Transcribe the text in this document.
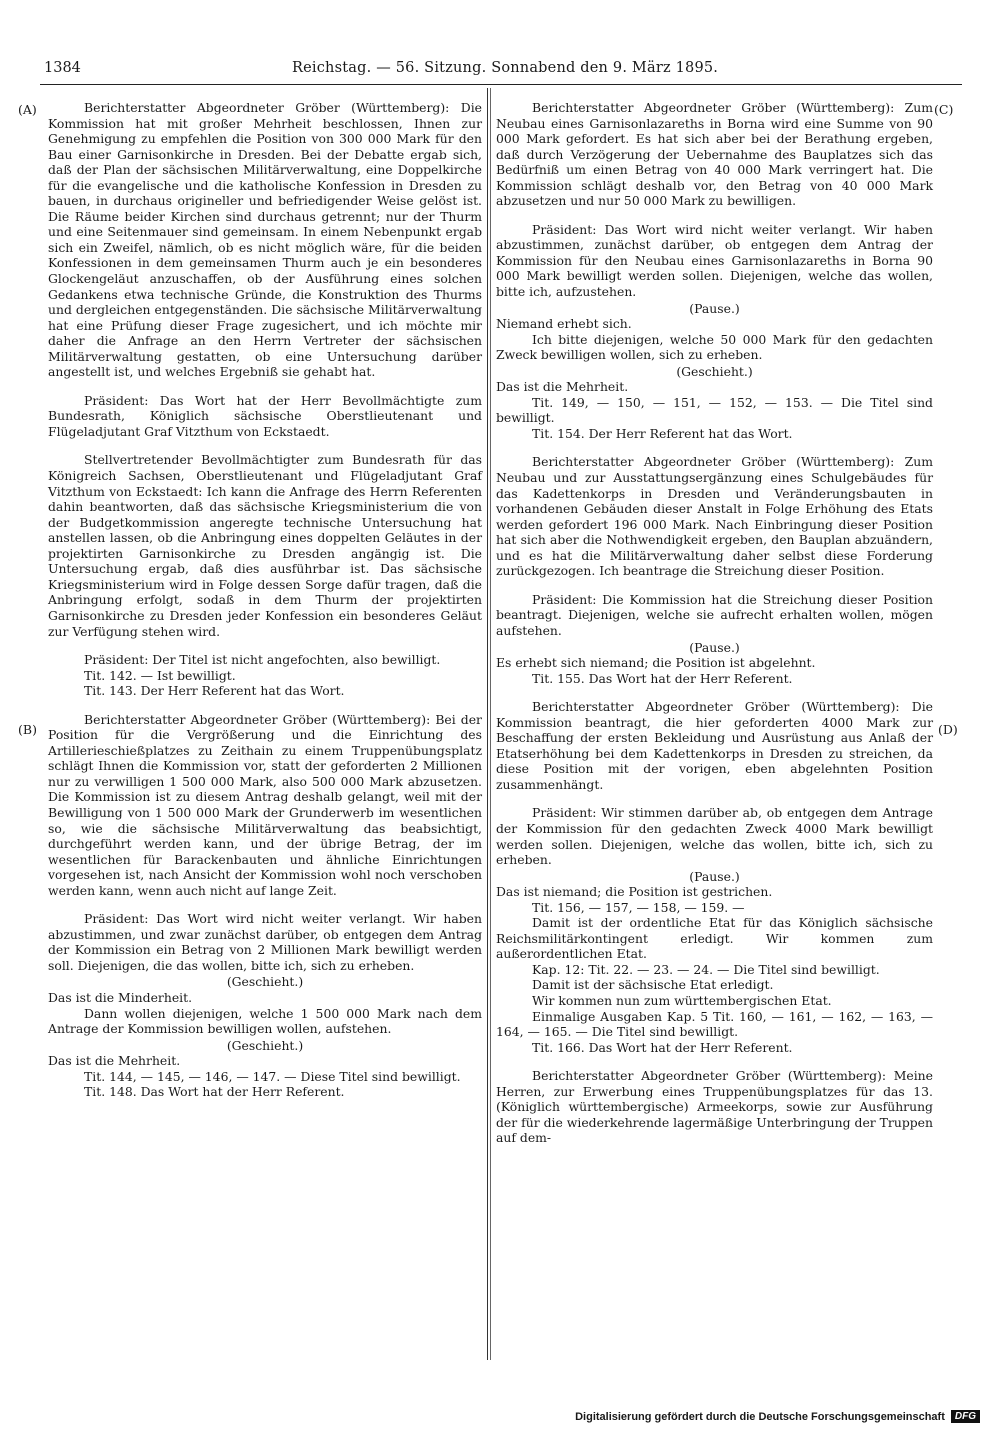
1384	Reichstag. — 56. Sitzung. Sonnabend den 9. März 1895.
(A)
(B)
(C)
(D)

Berichterstatter Abgeordneter Gröber (Württemberg): Die Kommission hat mit großer Mehrheit beschlossen, Ihnen zur Genehmigung zu empfehlen die Position von 300 000 Mark für den Bau einer Garnisonkirche in Dresden. Bei der Debatte ergab sich, daß der Plan der sächsischen Militärverwaltung, eine Doppelkirche für die evangelische und die katholische Konfession in Dresden zu bauen, in durchaus origineller und befriedigender Weise gelöst ist. Die Räume beider Kirchen sind durchaus getrennt; nur der Thurm und eine Seitenmauer sind gemeinsam. In einem Nebenpunkt ergab sich ein Zweifel, nämlich, ob es nicht möglich wäre, für die beiden Konfessionen in dem gemeinsamen Thurm auch je ein besonderes Glockengeläut anzuschaffen, ob der Ausführung eines solchen Gedankens etwa technische Gründe, die Konstruktion des Thurms und dergleichen entgegenständen. Die sächsische Militärverwaltung hat eine Prüfung dieser Frage zugesichert, und ich möchte mir daher die Anfrage an den Herrn Vertreter der sächsischen Militärverwaltung gestatten, ob eine Untersuchung darüber angestellt ist, und welches Ergebniß sie gehabt hat.

Präsident: Das Wort hat der Herr Bevollmächtigte zum Bundesrath, Königlich sächsische Oberstlieutenant und Flügeladjutant Graf Vitzthum von Eckstaedt.

Stellvertretender Bevollmächtigter zum Bundesrath für das Königreich Sachsen, Oberstlieutenant und Flügeladjutant Graf Vitzthum von Eckstaedt: Ich kann die Anfrage des Herrn Referenten dahin beantworten, daß das sächsische Kriegsministerium die von der Budgetkommission angeregte technische Untersuchung hat anstellen lassen, ob die Anbringung eines doppelten Geläutes in der projektirten Garnisonkirche zu Dresden angängig ist. Die Untersuchung ergab, daß dies ausführbar ist. Das sächsische Kriegsministerium wird in Folge dessen Sorge dafür tragen, daß die Anbringung erfolgt, sodaß in dem Thurm der projektirten Garnisonkirche zu Dresden jeder Konfession ein besonderes Geläut zur Verfügung stehen wird.

Präsident: Der Titel ist nicht angefochten, also bewilligt.

Tit. 142. — Ist bewilligt.

Tit. 143. Der Herr Referent hat das Wort.

Berichterstatter Abgeordneter Gröber (Württemberg): Bei der Position für die Vergrößerung und die Einrichtung des Artillerieschießplatzes zu Zeithain zu einem Truppenübungsplatz schlägt Ihnen die Kommission vor, statt der geforderten 2 Millionen nur zu verwilligen 1 500 000 Mark, also 500 000 Mark abzusetzen. Die Kommission ist zu diesem Antrag deshalb gelangt, weil mit der Bewilligung von 1 500 000 Mark der Grunderwerb im wesentlichen so, wie die sächsische Militärverwaltung das beabsichtigt, durchgeführt werden kann, und der übrige Betrag, der im wesentlichen für Barackenbauten und ähnliche Einrichtungen vorgesehen ist, nach Ansicht der Kommission wohl noch verschoben werden kann, wenn auch nicht auf lange Zeit.

Präsident: Das Wort wird nicht weiter verlangt. Wir haben abzustimmen, und zwar zunächst darüber, ob entgegen dem Antrag der Kommission ein Betrag von 2 Millionen Mark bewilligt werden soll. Diejenigen, die das wollen, bitte ich, sich zu erheben.

(Geschieht.)

Das ist die Minderheit.

Dann wollen diejenigen, welche 1 500 000 Mark nach dem Antrage der Kommission bewilligen wollen, aufstehen.

(Geschieht.)

Das ist die Mehrheit.

Tit. 144, — 145, — 146, — 147. — Diese Titel sind bewilligt.

Tit. 148. Das Wort hat der Herr Referent.

Berichterstatter Abgeordneter Gröber (Württemberg): Zum Neubau eines Garnisonlazareths in Borna wird eine Summe von 90 000 Mark gefordert. Es hat sich aber bei der Berathung ergeben, daß durch Verzögerung der Uebernahme des Bauplatzes sich das Bedürfniß um einen Betrag von 40 000 Mark verringert hat. Die Kommission schlägt deshalb vor, den Betrag von 40 000 Mark abzusetzen und nur 50 000 Mark zu bewilligen.

Präsident: Das Wort wird nicht weiter verlangt. Wir haben abzustimmen, zunächst darüber, ob entgegen dem Antrag der Kommission für den Neubau eines Garnisonlazareths in Borna 90 000 Mark bewilligt werden sollen. Diejenigen, welche das wollen, bitte ich, aufzustehen.

(Pause.)

Niemand erhebt sich.

Ich bitte diejenigen, welche 50 000 Mark für den gedachten Zweck bewilligen wollen, sich zu erheben.

(Geschieht.)

Das ist die Mehrheit.

Tit. 149, — 150, — 151, — 152, — 153. — Die Titel sind bewilligt.

Tit. 154. Der Herr Referent hat das Wort.

Berichterstatter Abgeordneter Gröber (Württemberg): Zum Neubau und zur Ausstattungsergänzung eines Schulgebäudes für das Kadettenkorps in Dresden und Veränderungsbauten in vorhandenen Gebäuden dieser Anstalt in Folge Erhöhung des Etats werden gefordert 196 000 Mark. Nach Einbringung dieser Position hat sich aber die Nothwendigkeit ergeben, den Bauplan abzuändern, und es hat die Militärverwaltung daher selbst diese Forderung zurückgezogen. Ich beantrage die Streichung dieser Position.

Präsident: Die Kommission hat die Streichung dieser Position beantragt. Diejenigen, welche sie aufrecht erhalten wollen, mögen aufstehen.

(Pause.)

Es erhebt sich niemand; die Position ist abgelehnt.

Tit. 155. Das Wort hat der Herr Referent.

Berichterstatter Abgeordneter Gröber (Württemberg): Die Kommission beantragt, die hier geforderten 4000 Mark zur Beschaffung der ersten Bekleidung und Ausrüstung aus Anlaß der Etatserhöhung bei dem Kadettenkorps in Dresden zu streichen, da diese Position mit der vorigen, eben abgelehnten Position zusammenhängt.

Präsident: Wir stimmen darüber ab, ob entgegen dem Antrage der Kommission für den gedachten Zweck 4000 Mark bewilligt werden sollen. Diejenigen, welche das wollen, bitte ich, sich zu erheben.

(Pause.)

Das ist niemand; die Position ist gestrichen.

Tit. 156, — 157, — 158, — 159. —

Damit ist der ordentliche Etat für das Königlich sächsische Reichsmilitärkontingent erledigt. Wir kommen zum außerordentlichen Etat.

Kap. 12: Tit. 22. — 23. — 24. — Die Titel sind bewilligt.

Damit ist der sächsische Etat erledigt.

Wir kommen nun zum württembergischen Etat.

Einmalige Ausgaben Kap. 5 Tit. 160, — 161, — 162, — 163, — 164, — 165. — Die Titel sind bewilligt.

Tit. 166. Das Wort hat der Herr Referent.

Berichterstatter Abgeordneter Gröber (Württemberg): Meine Herren, zur Erwerbung eines Truppenübungsplatzes für das 13. (Königlich württembergische) Armeekorps, sowie zur Ausführung der für die wiederkehrende lagermäßige Unterbringung der Truppen auf dem-

Digitalisierung gefördert durch die Deutsche Forschungsgemeinschaft	DFG
